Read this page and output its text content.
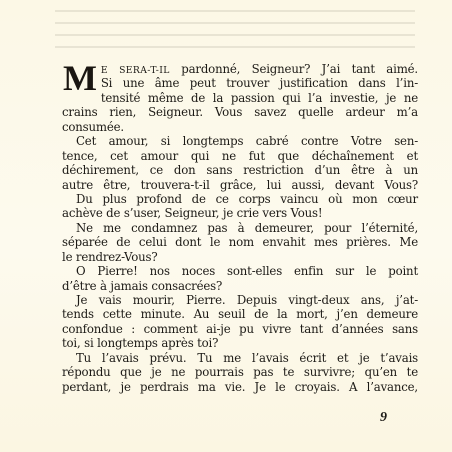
M E SERA-T-IL pardonné, Seigneur? J’ai tant aimé.
Si une âme peut trouver justification dans l’in-
tensité même de la passion qui l’a investie, je ne
crains rien, Seigneur. Vous savez quelle ardeur m’a
consumée.
Cet amour, si longtemps cabré contre Votre sen-
tence, cet amour qui ne fut que déchaînement et
déchirement, ce don sans restriction d’un être à un
autre être, trouvera-t-il grâce, lui aussi, devant Vous?
Du plus profond de ce corps vaincu où mon cœur
achève de s’user, Seigneur, je crie vers Vous!
Ne me condamnez pas à demeurer, pour l’éternité,
séparée de celui dont le nom envahit mes prières. Me
le rendrez-Vous?
O Pierre! nos noces sont-elles enfin sur le point
d’être à jamais consacrées?
Je vais mourir, Pierre. Depuis vingt-deux ans, j’at-
tends cette minute. Au seuil de la mort, j’en demeure
confondue : comment ai-je pu vivre tant d’années sans
toi, si longtemps après toi?
Tu l’avais prévu. Tu me l’avais écrit et je t’avais
répondu que je ne pourrais pas te survivre; qu’en te
perdant, je perdrais ma vie. Je le croyais. A l’avance,
9
